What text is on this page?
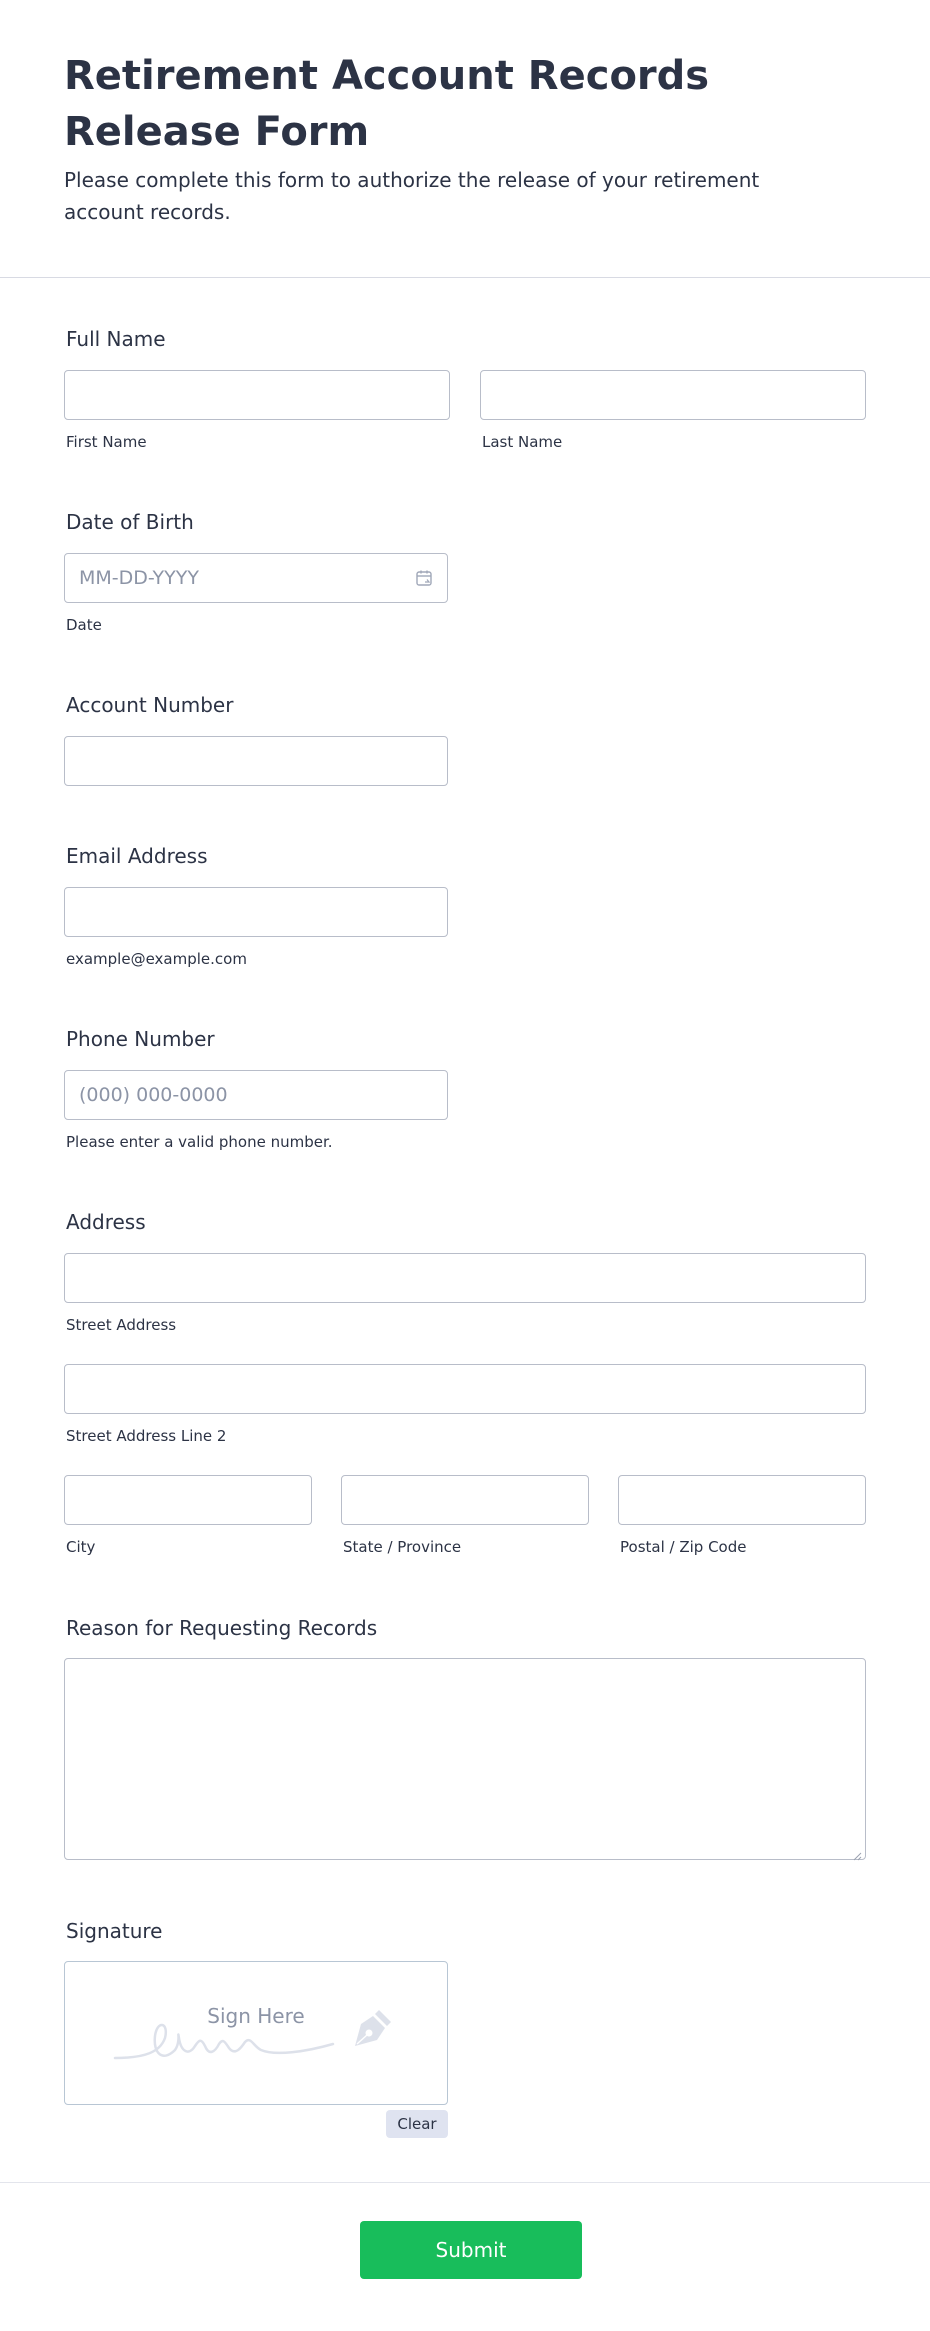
Retirement Account Records Release Form

Please complete this form to authorize the release of your retirement account records.

Full Name
First Name	Last Name
Date of Birth
MM-DD-YYYY
Date
Account Number
Email Address
example@example.com
Phone Number
(000) 000-0000
Please enter a valid phone number.
Address
Street Address
Street Address Line 2
City	State / Province	Postal / Zip Code
Reason for Requesting Records
Signature
Sign Here
Clear
Submit
